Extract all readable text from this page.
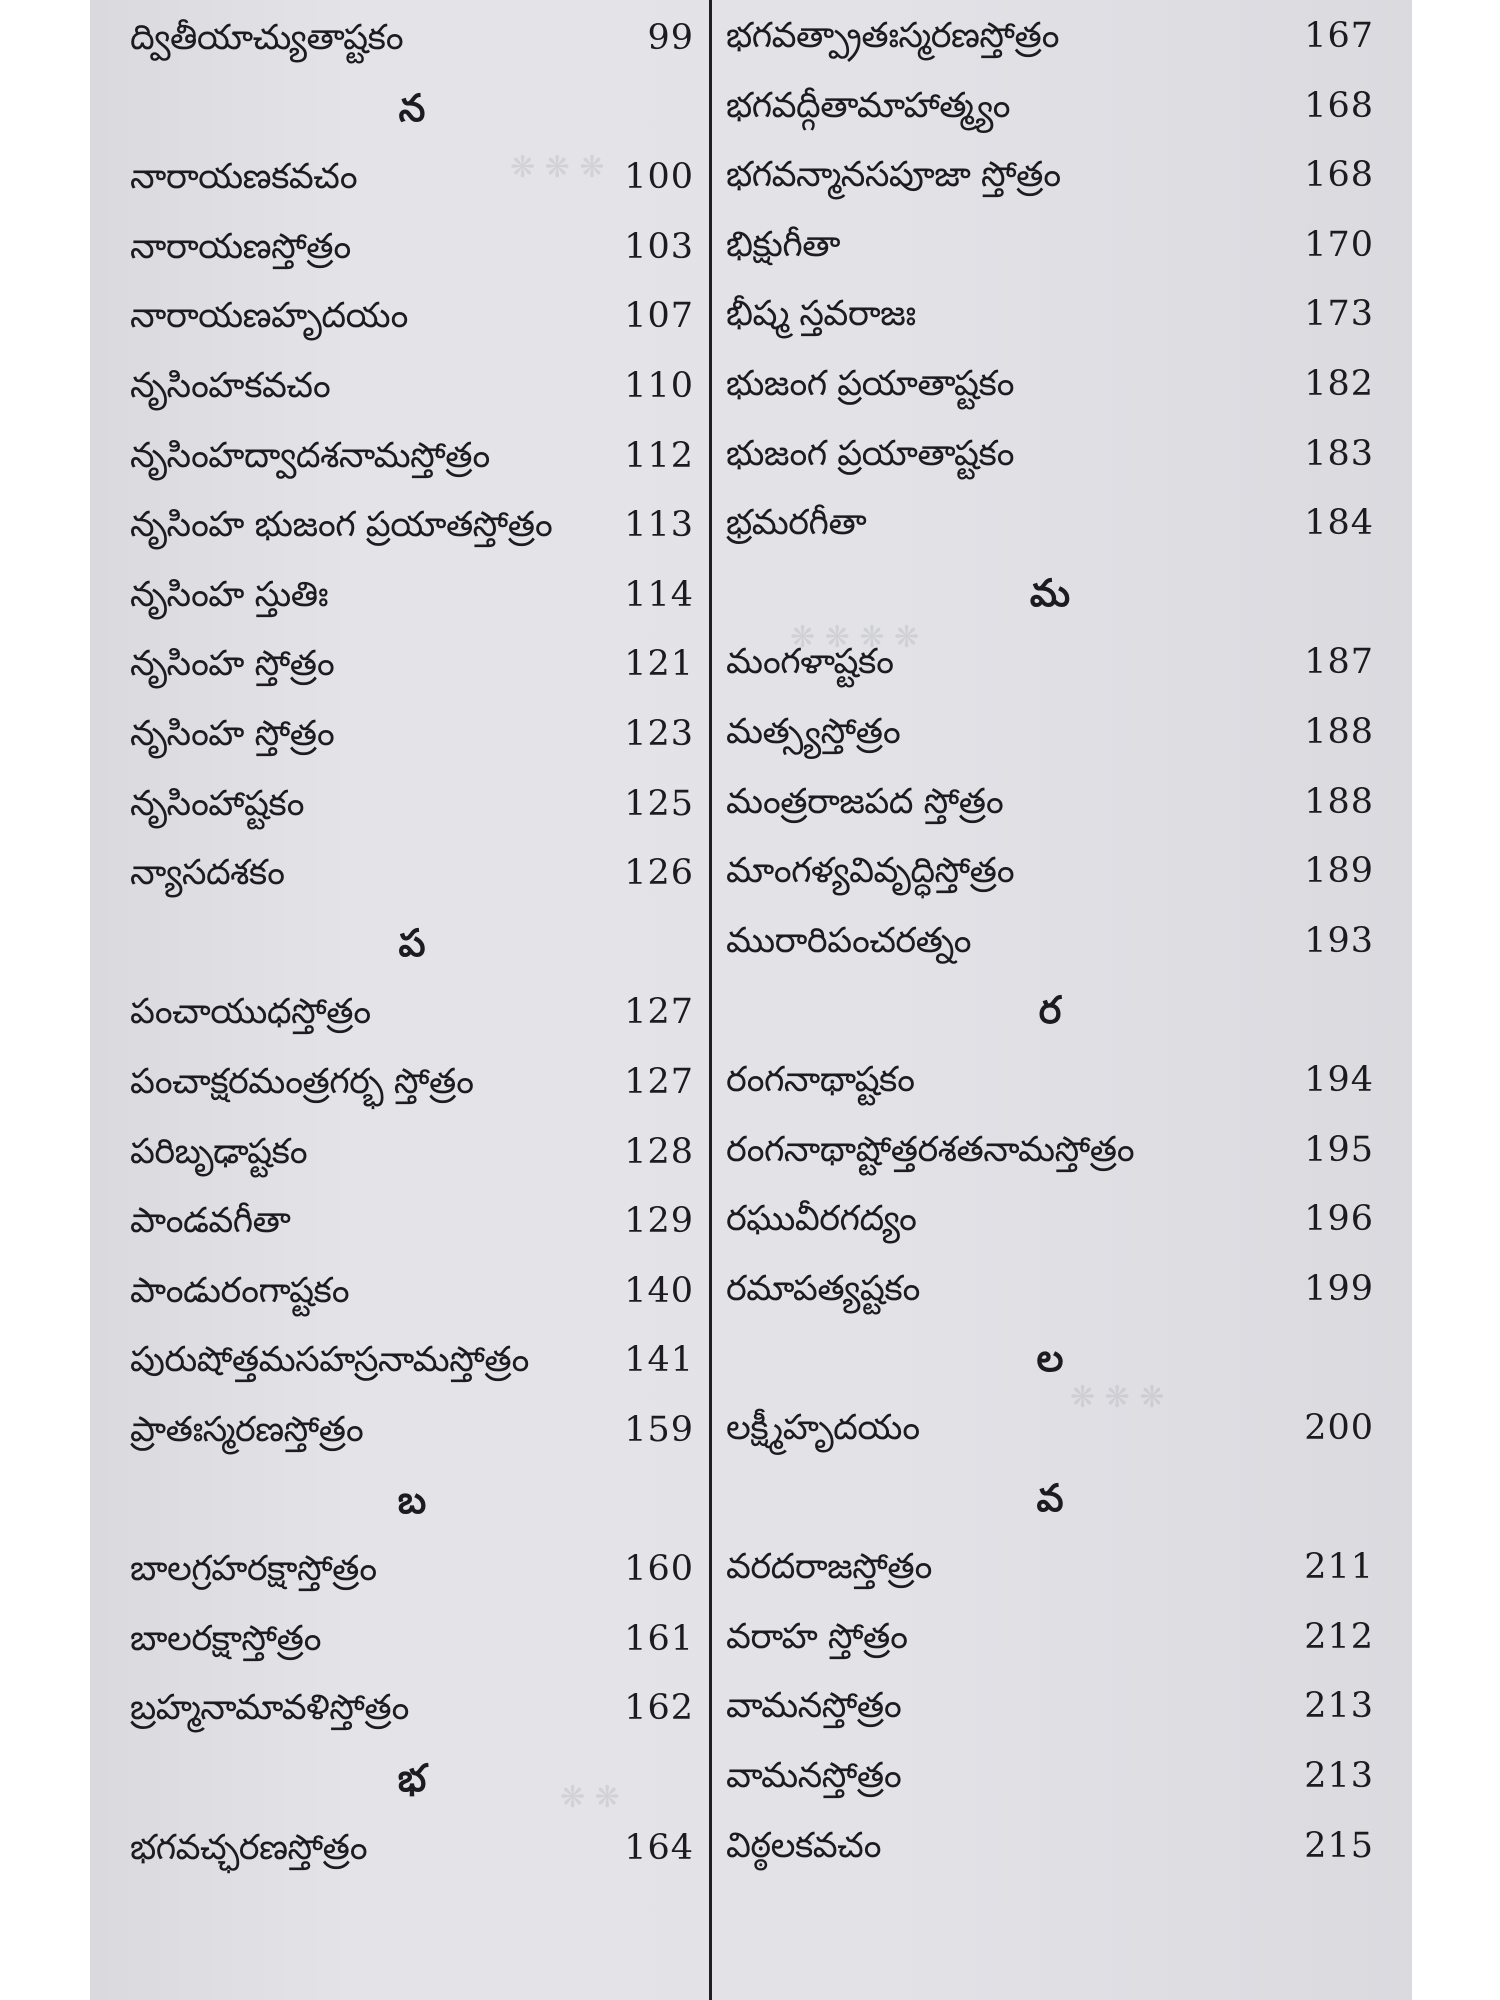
❋ ❋ ❋
❋ ❋ ❋ ❋
❋ ❋ ❋
❋ ❋
ద్వితీయాచ్యుతాష్టకం	99
న
నారాయణకవచం	100
నారాయణస్తోత్రం	103
నారాయణహృదయం	107
నృసింహకవచం	110
నృసింహద్వాదశనామస్తోత్రం	112
నృసింహ భుజంగ ప్రయాతస్తోత్రం 113
నృసింహ స్తుతిః	114
నృసింహ స్తోత్రం	121
నృసింహ స్తోత్రం	123
నృసింహాష్టకం	125
న్యాసదశకం	126
ప
పంచాయుధస్తోత్రం	127
పంచాక్షరమంత్రగర్భ స్తోత్రం	127
పరిబృఢాష్టకం	128
పాండవగీతా	129
పాండురంగాష్టకం	140
పురుషోత్తమసహస్రనామస్తోత్రం	141
ప్రాతఃస్మరణస్తోత్రం	159
బ
బాలగ్రహరక్షాస్తోత్రం	160
బాలరక్షాస్తోత్రం	161
బ్రహ్మనామావళిస్తోత్రం	162
భ
భగవచ్ఛరణస్తోత్రం	164
భగవత్ప్రాతఃస్మరణస్తోత్రం	167
భగవద్గీతామాహాత్మ్యం	168
భగవన్మానసపూజా స్తోత్రం	168
భిక్షుగీతా	170
భీష్మ స్తవరాజః	173
భుజంగ ప్రయాతాష్టకం	182
భుజంగ ప్రయాతాష్టకం	183
భ్రమరగీతా	184
మ
మంగళాష్టకం	187
మత్స్యస్తోత్రం	188
మంత్రరాజపద స్తోత్రం	188
మాంగళ్యవివృద్ధిస్తోత్రం	189
మురారిపంచరత్నం	193
ర
రంగనాథాష్టకం	194
రంగనాథాష్టోత్తరశతనామస్తోత్రం	195
రఘువీరగద్యం	196
రమాపత్యష్టకం	199
ల
లక్ష్మీహృదయం	200
వ
వరదరాజస్తోత్రం	211
వరాహ స్తోత్రం	212
వామనస్తోత్రం	213
వామనస్తోత్రం	213
విఠ్ఠలకవచం	215
